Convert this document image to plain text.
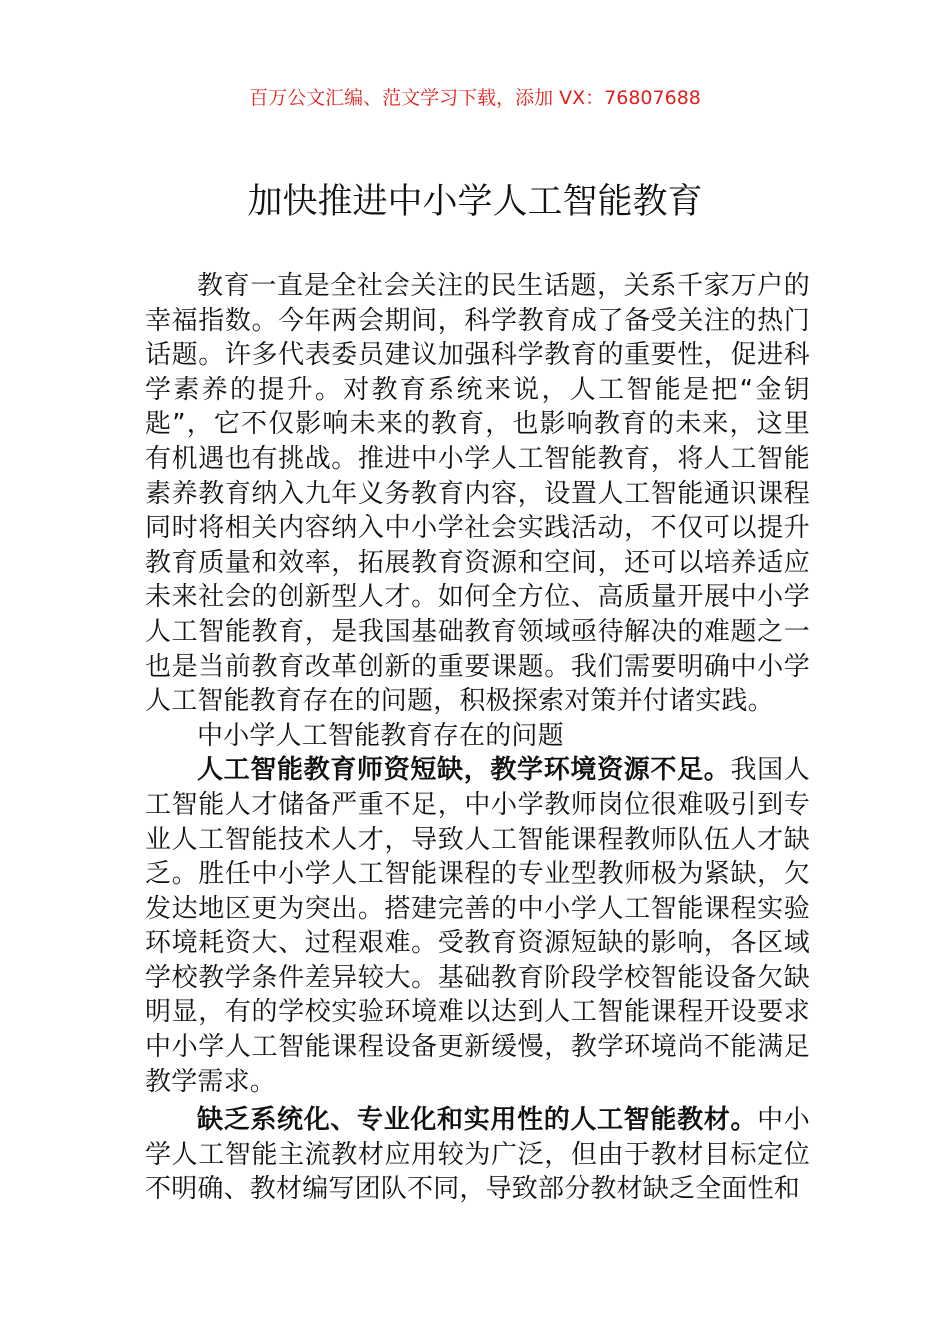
百万公文汇编、范文学习下载，添加 VX：76807688
加快推进中小学人工智能教育

教育一直是全社会关注的民生话题，关系千家万户的幸福指数。今年两会期间，科学教育成了备受关注的热门话题。许多代表委员建议加强科学教育的重要性，促进科学素养的提升。对教育系统来说，人工智能是把“金钥匙”，它不仅影响未来的教育，也影响教育的未来，这里有机遇也有挑战。推进中小学人工智能教育，将人工智能素养教育纳入九年义务教育内容，设置人工智能通识课程同时将相关内容纳入中小学社会实践活动，不仅可以提升教育质量和效率，拓展教育资源和空间，还可以培养适应未来社会的创新型人才。如何全方位、高质量开展中小学人工智能教育，是我国基础教育领域亟待解决的难题之一也是当前教育改革创新的重要课题。我们需要明确中小学人工智能教育存在的问题，积极探索对策并付诸实践。

中小学人工智能教育存在的问题

人工智能教育师资短缺，教学环境资源不足。我国人工智能人才储备严重不足，中小学教师岗位很难吸引到专业人工智能技术人才，导致人工智能课程教师队伍人才缺乏。胜任中小学人工智能课程的专业型教师极为紧缺，欠发达地区更为突出。搭建完善的中小学人工智能课程实验环境耗资大、过程艰难。受教育资源短缺的影响，各区域学校教学条件差异较大。基础教育阶段学校智能设备欠缺明显，有的学校实验环境难以达到人工智能课程开设要求中小学人工智能课程设备更新缓慢，教学环境尚不能满足教学需求。

缺乏系统化、专业化和实用性的人工智能教材。中小学人工智能主流教材应用较为广泛，但由于教材目标定位不明确、教材编写团队不同，导致部分教材缺乏全面性和
